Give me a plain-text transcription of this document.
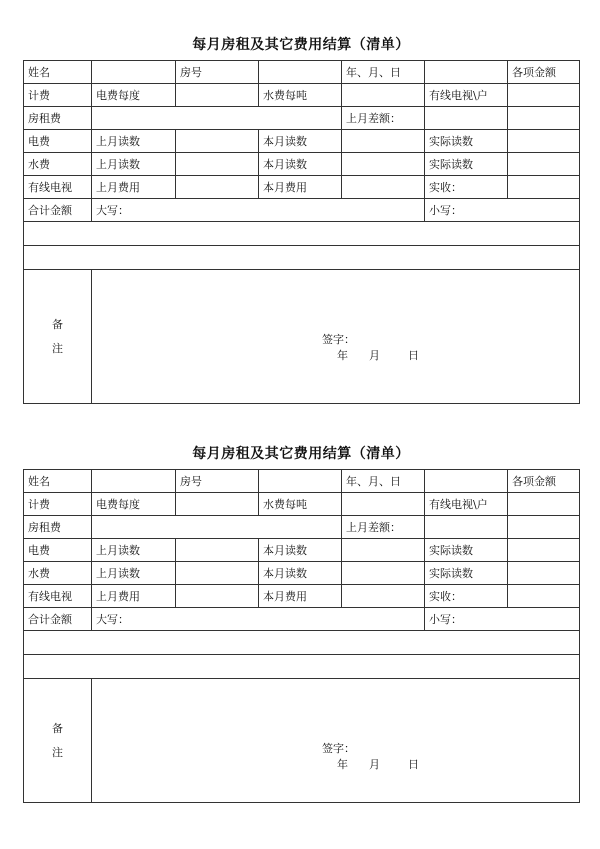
每月房租及其它费用结算（清单）
姓名		房号		年、月、日		各项金额
计费	电费每度		水费每吨		有线电视\户	
房租费				上月差额：		
电费	上月读数		本月读数		实际读数	
水费	上月读数		本月读数		实际读数	
有线电视	上月费用		本月费用		实收：	
合计金额	大写：				小写：	

备
注	签字：
年      月        日					
每月房租及其它费用结算（清单）
姓名		房号		年、月、日		各项金额
计费	电费每度		水费每吨		有线电视\户	
房租费				上月差额：		
电费	上月读数		本月读数		实际读数	
水费	上月读数		本月读数		实际读数	
有线电视	上月费用		本月费用		实收：	
合计金额	大写：				小写：	

备
注	签字：
年      月        日					
